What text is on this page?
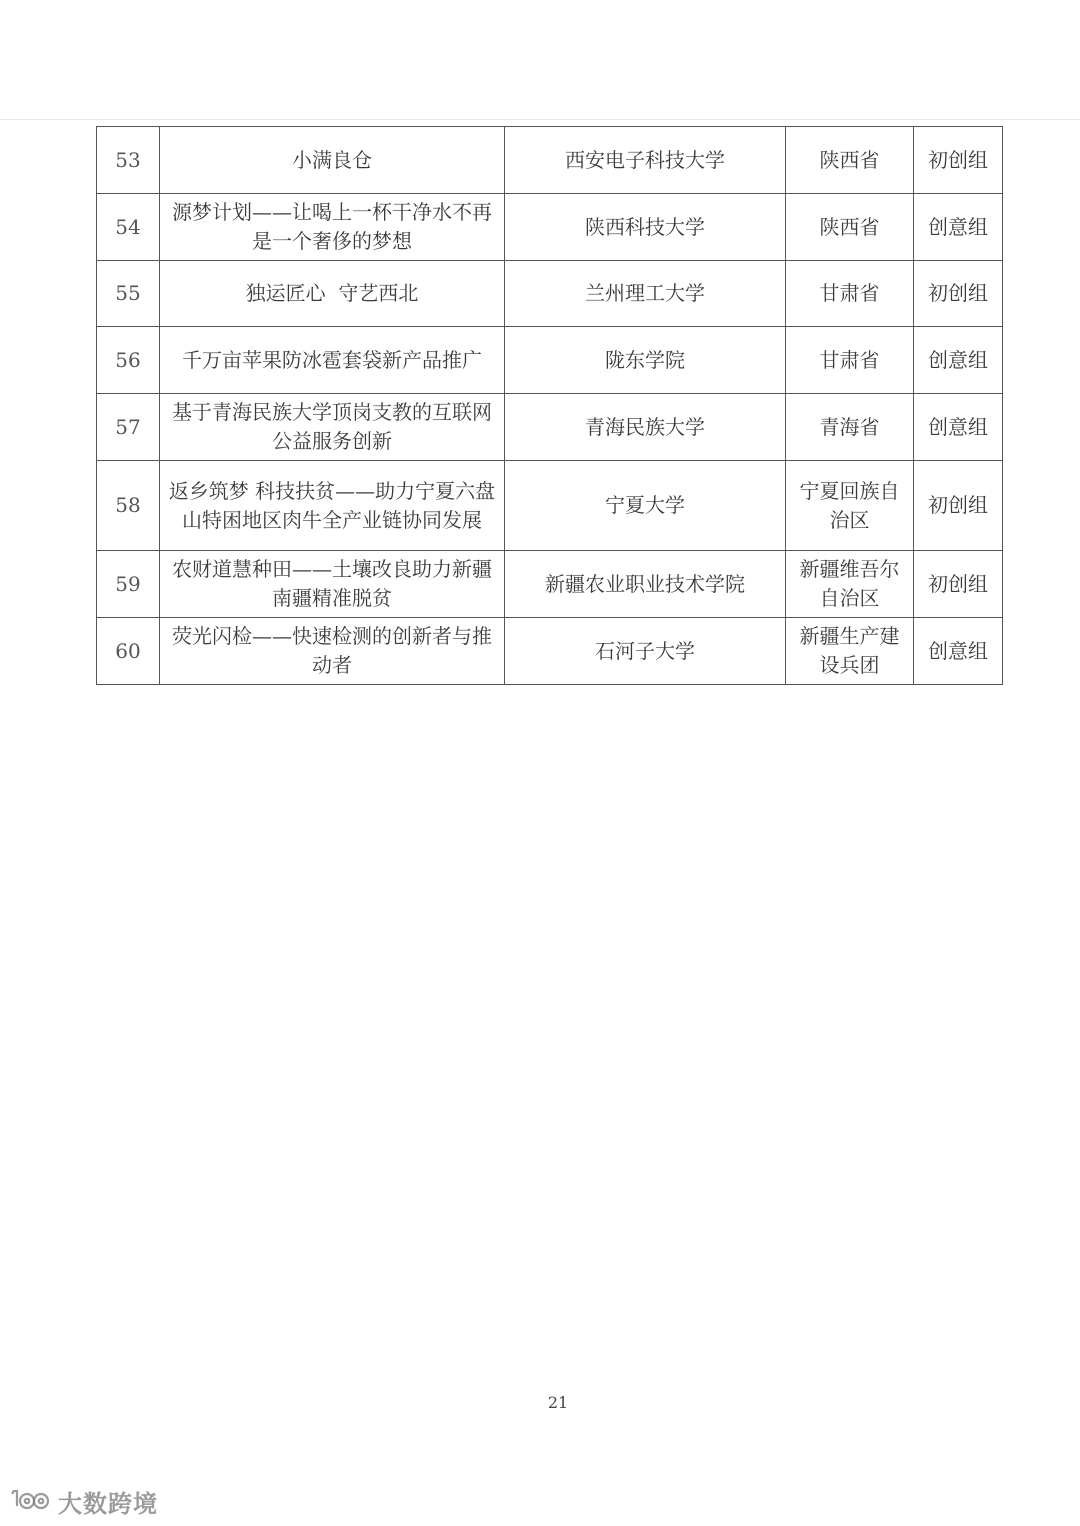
53	小满良仓	西安电子科技大学	陕西省	初创组
54	源梦计划——让喝上一杯干净水不再是一个奢侈的梦想	陕西科技大学	陕西省	创意组
55	独运匠心  守艺西北	兰州理工大学	甘肃省	初创组
56	千万亩苹果防冰雹套袋新产品推广	陇东学院	甘肃省	创意组
57	基于青海民族大学顶岗支教的互联网公益服务创新	青海民族大学	青海省	创意组
58	返乡筑梦 科技扶贫——助力宁夏六盘山特困地区肉牛全产业链协同发展	宁夏大学	宁夏回族自治区	初创组
59	农财道慧种田——土壤改良助力新疆南疆精准脱贫	新疆农业职业技术学院	新疆维吾尔自治区	初创组
60	荧光闪检——快速检测的创新者与推动者	石河子大学	新疆生产建设兵团	创意组
21
大数跨境
